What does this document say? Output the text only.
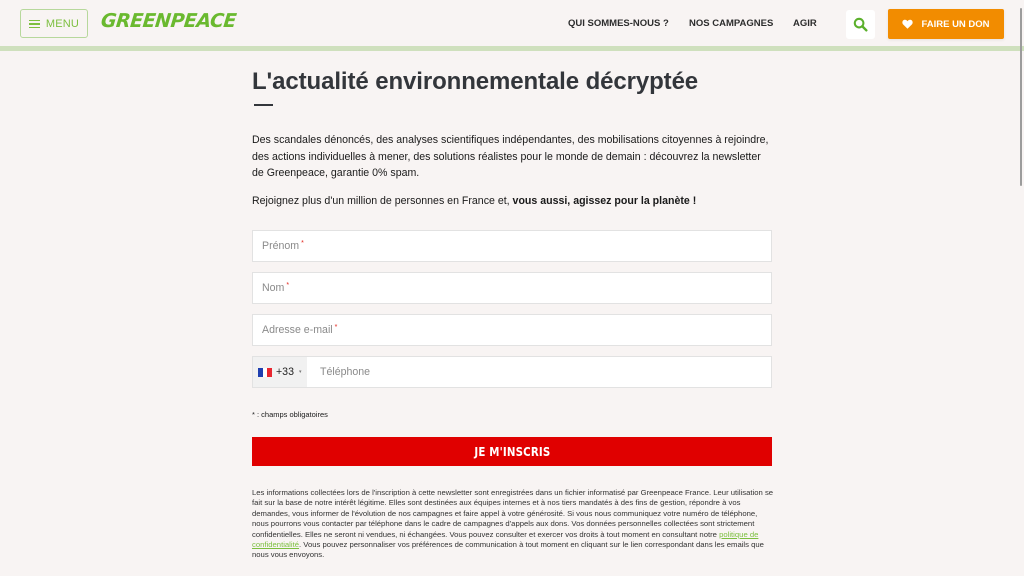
MENU GREENPEACE	QUI SOMMES-NOUS ? NOS CAMPAGNES AGIR	FAIRE UN DON
L'actualité environnementale décryptée

Des scandales dénoncés, des analyses scientifiques indépendantes, des mobilisations citoyennes à rejoindre, des actions individuelles à mener, des solutions réalistes pour le monde de demain : découvrez la newsletter de Greenpeace, garantie 0% spam.

Rejoignez plus d'un million de personnes en France et, vous aussi, agissez pour la planète !

Prénom *
Nom *
Adresse e-mail *
+33 ▾	Téléphone

* : champs obligatoires

JE M'INSCRIS

Les informations collectées lors de l'inscription à cette newsletter sont enregistrées dans un fichier informatisé par Greenpeace France. Leur utilisation se fait sur la base de notre intérêt légitime. Elles sont destinées aux équipes internes et à nos tiers mandatés à des fins de gestion, répondre à vos demandes, vous informer de l'évolution de nos campagnes et faire appel à votre générosité. Si vous nous communiquez votre numéro de téléphone, nous pourrons vous contacter par téléphone dans le cadre de campagnes d'appels aux dons. Vos données personnelles collectées sont strictement confidentielles. Elles ne seront ni vendues, ni échangées. Vous pouvez consulter et exercer vos droits à tout moment en consultant notre politique de confidentialité. Vous pouvez personnaliser vos préférences de communication à tout moment en cliquant sur le lien correspondant dans les emails que nous vous envoyons.
